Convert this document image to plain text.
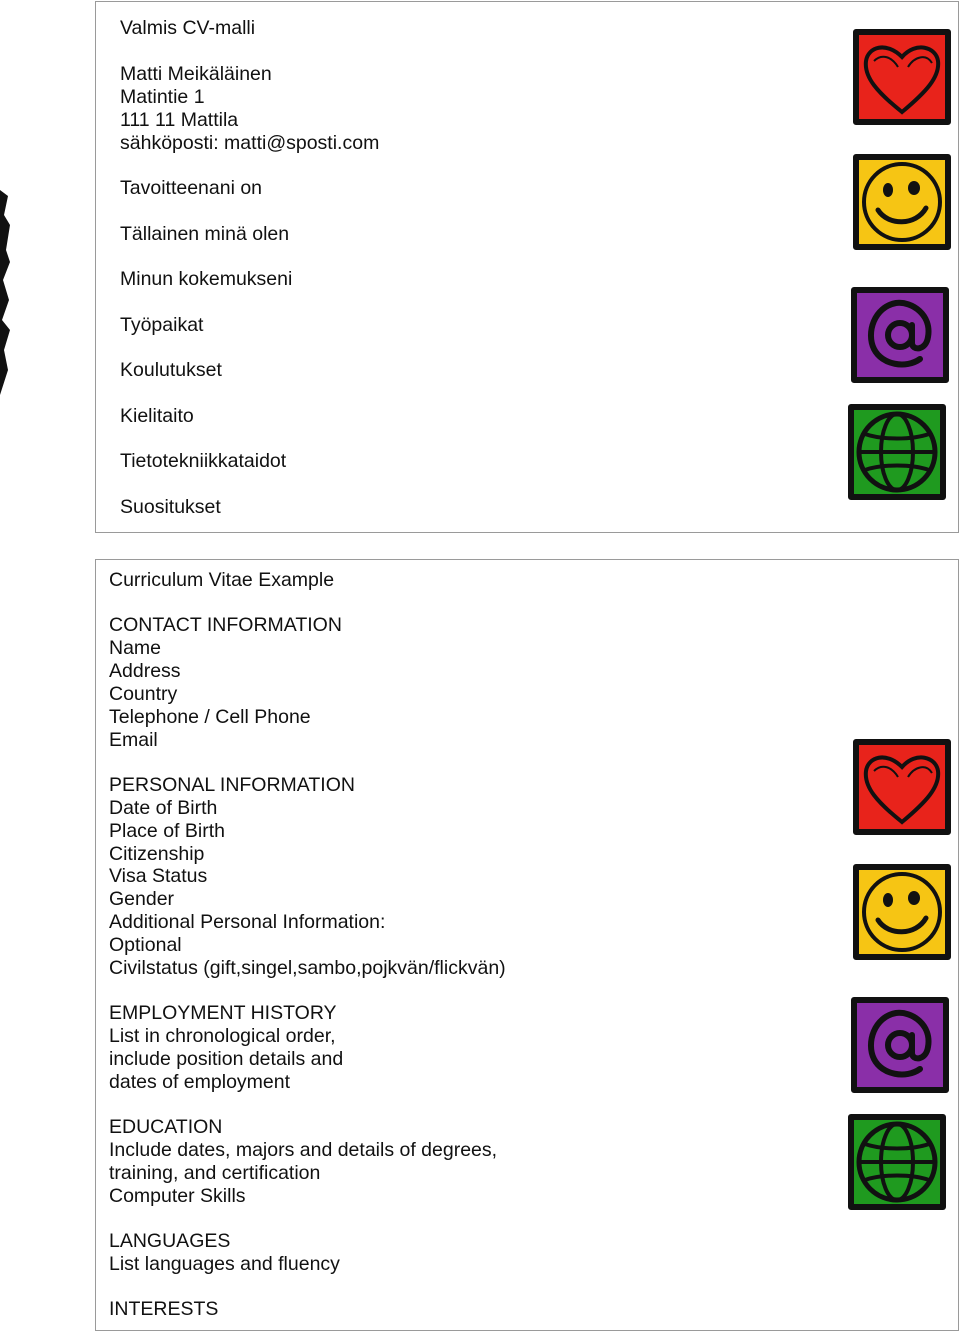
Valmis CV-malli
Matti Meikäläinen
Matintie 1
111 11 Mattila
sähköposti: matti@sposti.com
Tavoitteenani on
Tällainen minä olen
Minun kokemukseni
Työpaikat
Koulutukset
Kielitaito
Tietotekniikkataidot
Suositukset
Curriculum Vitae Example
CONTACT INFORMATION
Name
Address
Country
Telephone / Cell Phone
Email
PERSONAL INFORMATION
Date of Birth
Place of Birth
Citizenship
Visa Status
Gender
Additional Personal Information:
Optional
Civilstatus (gift,singel,sambo,pojkvän/flickvän)
EMPLOYMENT HISTORY
List in chronological order,
include position details and
dates of employment
EDUCATION
Include dates, majors and details of degrees,
training, and certification
Computer Skills
LANGUAGES
List languages and fluency
INTERESTS
